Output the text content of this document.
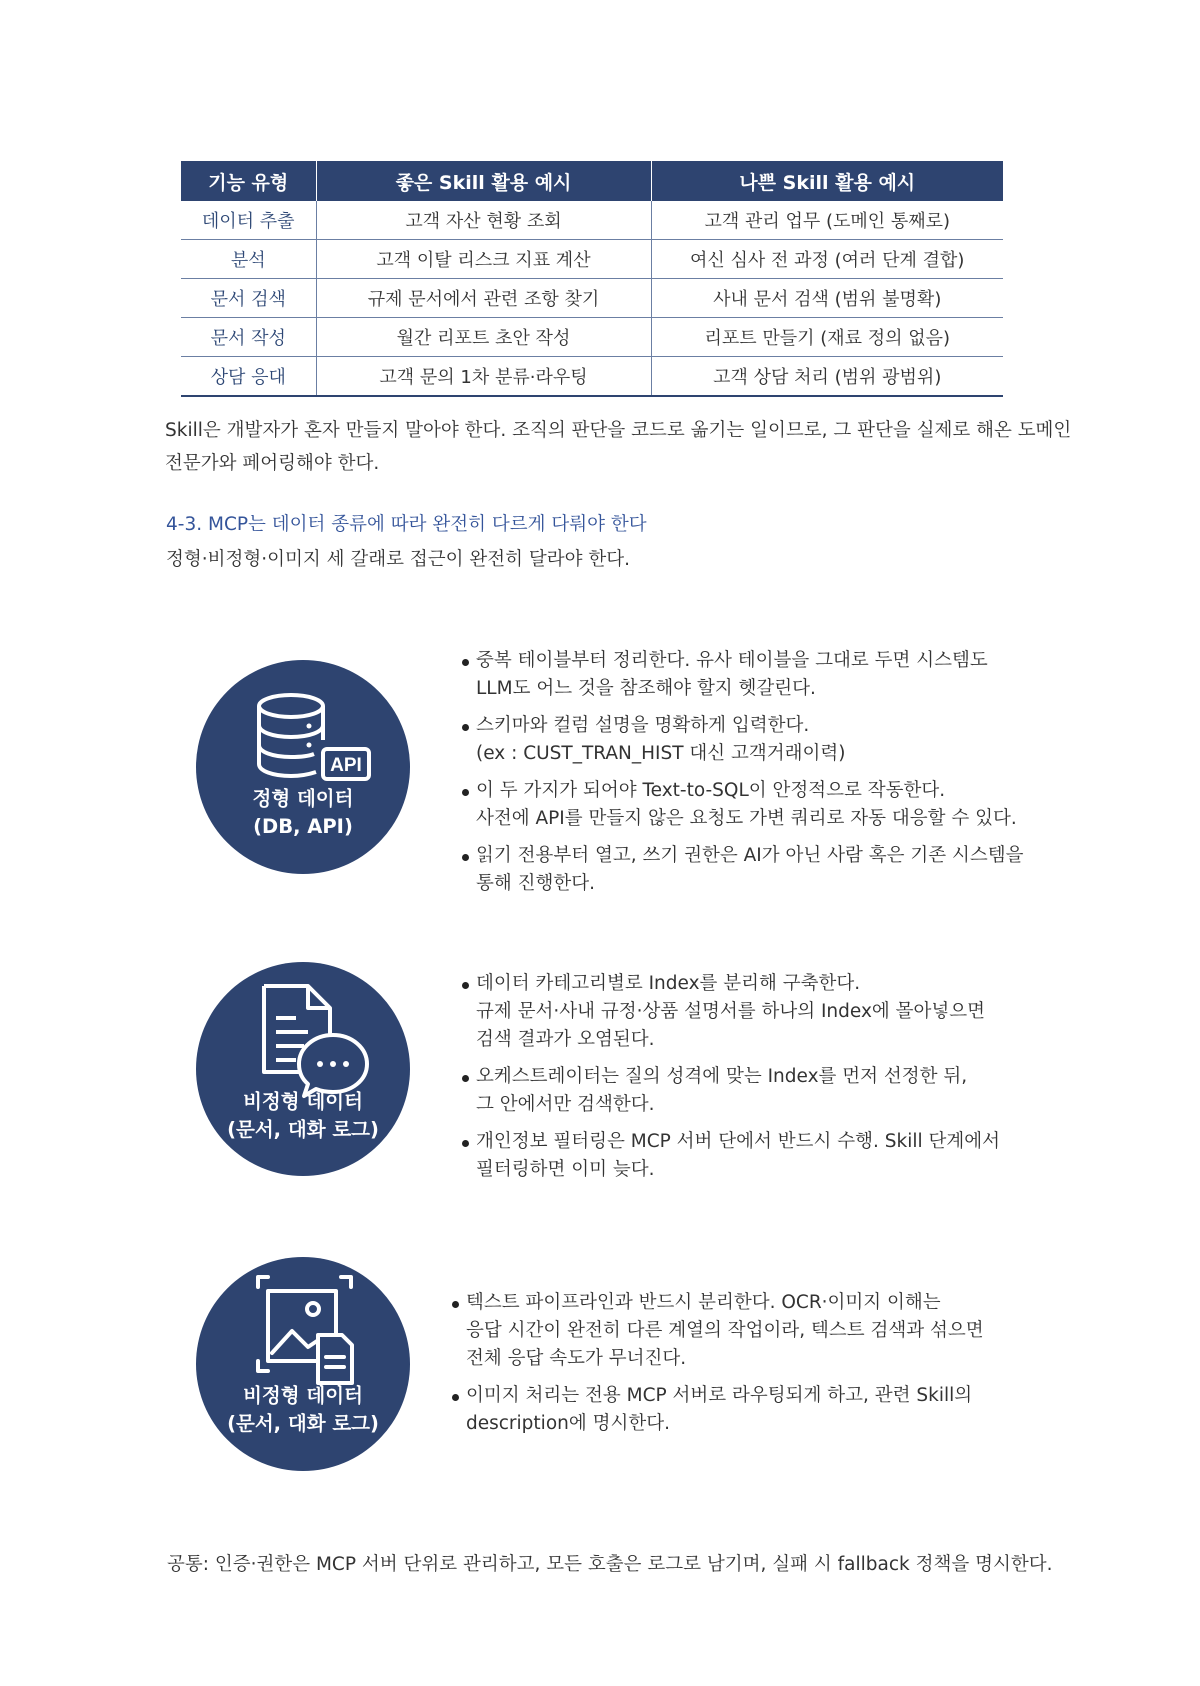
기능 유형	좋은 Skill 활용 예시	나쁜 Skill 활용 예시
데이터 추출	고객 자산 현황 조회	고객 관리 업무 (도메인 통째로)
분석	고객 이탈 리스크 지표 계산	여신 심사 전 과정 (여러 단계 결합)
문서 검색	규제 문서에서 관련 조항 찾기	사내 문서 검색 (범위 불명확)
문서 작성	월간 리포트 초안 작성	리포트 만들기 (재료 정의 없음)
상담 응대	고객 문의 1차 분류·라우팅	고객 상담 처리 (범위 광범위)

Skill은 개발자가 혼자 만들지 말아야 한다. 조직의 판단을 코드로 옮기는 일이므로, 그 판단을 실제로 해온 도메인
전문가와 페어링해야 한다.

4-3. MCP는 데이터 종류에 따라 완전히 다르게 다뤄야 한다

정형·비정형·이미지 세 갈래로 접근이 완전히 달라야 한다.

API
정형 데이터
(DB, API)
중복 테이블부터 정리한다. 유사 테이블을 그대로 두면 시스템도
LLM도 어느 것을 참조해야 할지 헷갈린다.
스키마와 컬럼 설명을 명확하게 입력한다.
(ex : CUST_TRAN_HIST 대신 고객거래이력)
이 두 가지가 되어야 Text-to-SQL이 안정적으로 작동한다.
사전에 API를 만들지 않은 요청도 가변 쿼리로 자동 대응할 수 있다.
읽기 전용부터 열고, 쓰기 권한은 AI가 아닌 사람 혹은 기존 시스템을
통해 진행한다.
비정형 데이터
(문서, 대화 로그)
데이터 카테고리별로 Index를 분리해 구축한다.
규제 문서·사내 규정·상품 설명서를 하나의 Index에 몰아넣으면
검색 결과가 오염된다.
오케스트레이터는 질의 성격에 맞는 Index를 먼저 선정한 뒤,
그 안에서만 검색한다.
개인정보 필터링은 MCP 서버 단에서 반드시 수행. Skill 단계에서
필터링하면 이미 늦다.
비정형 데이터
(문서, 대화 로그)
텍스트 파이프라인과 반드시 분리한다. OCR·이미지 이해는
응답 시간이 완전히 다른 계열의 작업이라, 텍스트 검색과 섞으면
전체 응답 속도가 무너진다.
이미지 처리는 전용 MCP 서버로 라우팅되게 하고, 관련 Skill의
description에 명시한다.

공통: 인증·권한은 MCP 서버 단위로 관리하고, 모든 호출은 로그로 남기며, 실패 시 fallback 정책을 명시한다.
